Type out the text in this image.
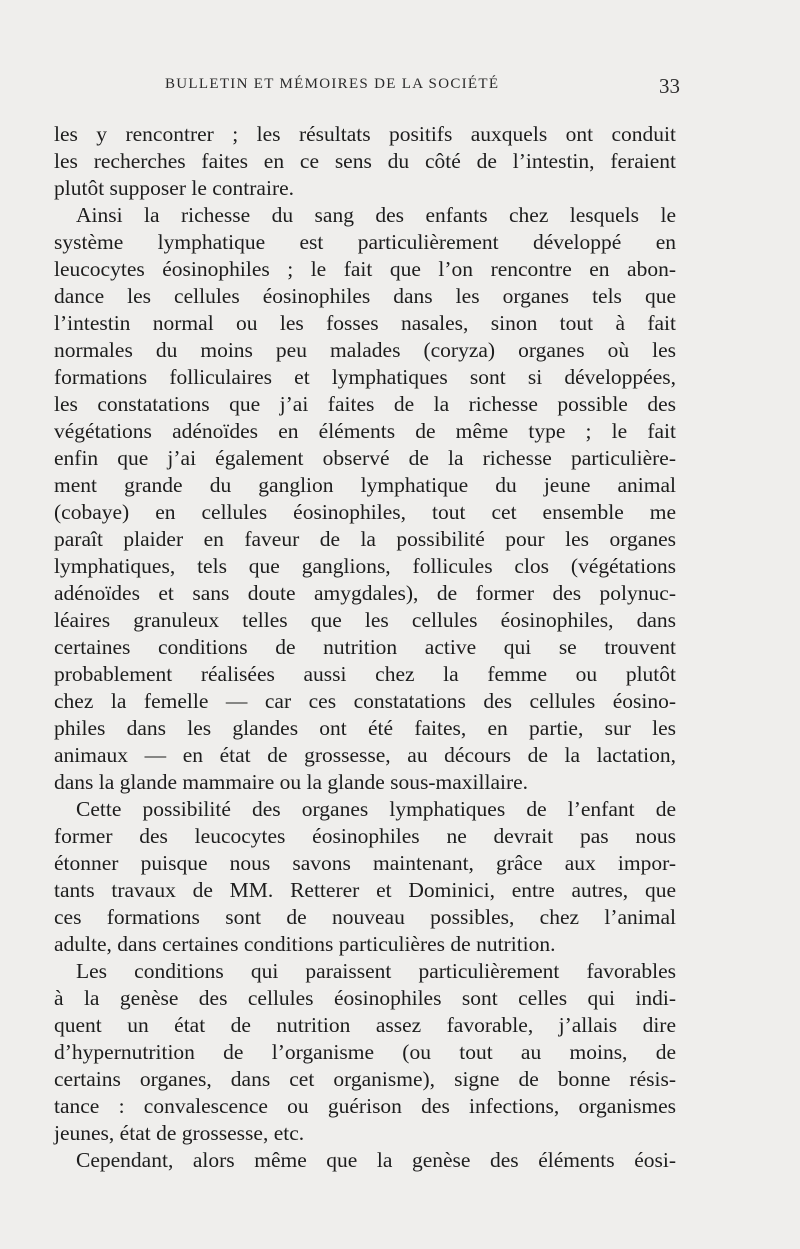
BULLETIN ET MÉMOIRES DE LA SOCIÉTÉ	33
les y rencontrer ; les résultats positifs auxquels ont conduit
les recherches faites en ce sens du côté de l’intestin, feraient
plutôt supposer le contraire.
Ainsi la richesse du sang des enfants chez lesquels le
système lymphatique est particulièrement développé en
leucocytes éosinophiles ; le fait que l’on rencontre en abon-
dance les cellules éosinophiles dans les organes tels que
l’intestin normal ou les fosses nasales, sinon tout à fait
normales du moins peu malades (coryza) organes où les
formations folliculaires et lymphatiques sont si développées,
les constatations que j’ai faites de la richesse possible des
végétations adénoïdes en éléments de même type ; le fait
enfin que j’ai également observé de la richesse particulière-
ment grande du ganglion lymphatique du jeune animal
(cobaye) en cellules éosinophiles, tout cet ensemble me
paraît plaider en faveur de la possibilité pour les organes
lymphatiques, tels que ganglions, follicules clos (végétations
adénoïdes et sans doute amygdales), de former des polynuc-
léaires granuleux telles que les cellules éosinophiles, dans
certaines conditions de nutrition active qui se trouvent
probablement réalisées aussi chez la femme ou plutôt
chez la femelle — car ces constatations des cellules éosino-
philes dans les glandes ont été faites, en partie, sur les
animaux — en état de grossesse, au décours de la lactation,
dans la glande mammaire ou la glande sous-maxillaire.
Cette possibilité des organes lymphatiques de l’enfant de
former des leucocytes éosinophiles ne devrait pas nous
étonner puisque nous savons maintenant, grâce aux impor-
tants travaux de MM. Retterer et Dominici, entre autres, que
ces formations sont de nouveau possibles, chez l’animal
adulte, dans certaines conditions particulières de nutrition.
Les conditions qui paraissent particulièrement favorables
à la genèse des cellules éosinophiles sont celles qui indi-
quent un état de nutrition assez favorable, j’allais dire
d’hypernutrition de l’organisme (ou tout au moins, de
certains organes, dans cet organisme), signe de bonne résis-
tance : convalescence ou guérison des infections, organismes
jeunes, état de grossesse, etc.
Cependant, alors même que la genèse des éléments éosi-
